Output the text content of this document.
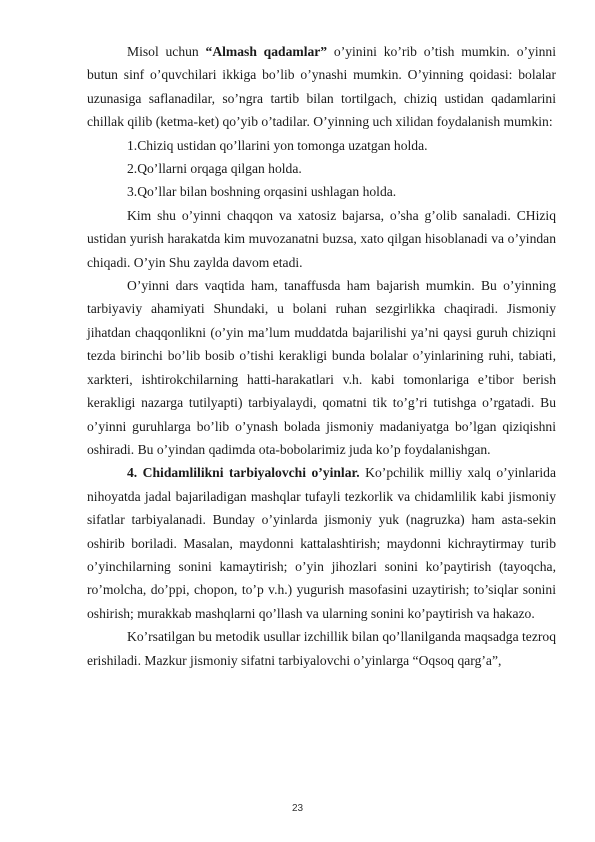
Misol uchun “Almash qadamlar” o’yinini ko’rib o’tish mumkin. o’yinni butun sinf o’quvchilari ikkiga bo’lib o’ynashi mumkin. O’yinning qoidasi: bolalar uzunasiga saflanadilar, so’ngra tartib bilan tortilgach, chiziq ustidan qadamlarini chillak qilib (ketma-ket) qo’yib o’tadilar. O’yinning uch xilidan foydalanish mumkin:

1.Chiziq ustidan qo’llarini yon tomonga uzatgan holda.

2.Qo’llarni orqaga qilgan holda.

3.Qo’llar bilan boshning orqasini ushlagan holda.

Kim shu o’yinni chaqqon va xatosiz bajarsa, o’sha g’olib sanaladi. CHiziq ustidan yurish harakatda kim muvozanatni buzsa, xato qilgan hisoblanadi va o’yindan chiqadi. O’yin Shu zaylda davom etadi.

O’yinni dars vaqtida ham, tanaffusda ham bajarish mumkin. Bu o’yinning tarbiyaviy ahamiyati Shundaki, u bolani ruhan sezgirlikka chaqiradi. Jismoniy jihatdan chaqqonlikni (o’yin ma’lum muddatda bajarilishi ya’ni qaysi guruh chiziqni tezda birinchi bo’lib bosib o’tishi kerakligi bunda bolalar o’yinlarining ruhi, tabiati, xarkteri, ishtirokchilarning hatti-harakatlari v.h. kabi tomonlariga e’tibor berish kerakligi nazarga tutilyapti) tarbiyalaydi, qomatni tik to’g’ri tutishga o’rgatadi. Bu o’yinni guruhlarga bo’lib o’ynash bolada jismoniy madaniyatga bo’lgan qiziqishni oshiradi. Bu o’yindan qadimda ota-bobolarimiz juda ko’p foydalanishgan.

4. Chidamlilikni tarbiyalovchi o’yinlar. Ko’pchilik milliy xalq o’yinlarida nihoyatda jadal bajariladigan mashqlar tufayli tezkorlik va chidamlilik kabi jismoniy sifatlar tarbiyalanadi. Bunday o’yinlarda jismoniy yuk (nagruzka) ham asta-sekin oshirib boriladi. Masalan, maydonni kattalashtirish; maydonni kichraytirmay turib o’yinchilarning sonini kamaytirish; o’yin jihozlari sonini ko’paytirish (tayoqcha, ro’molcha, do’ppi, chopon, to’p v.h.) yugurish masofasini uzaytirish; to’siqlar sonini oshirish; murakkab mashqlarni qo’llash va ularning sonini ko’paytirish va hakazo.

Ko’rsatilgan bu metodik usullar izchillik bilan qo’llanilganda maqsadga tezroq erishiladi. Mazkur jismoniy sifatni tarbiyalovchi o’yinlarga “Oqsoq qarg’a”,

23
